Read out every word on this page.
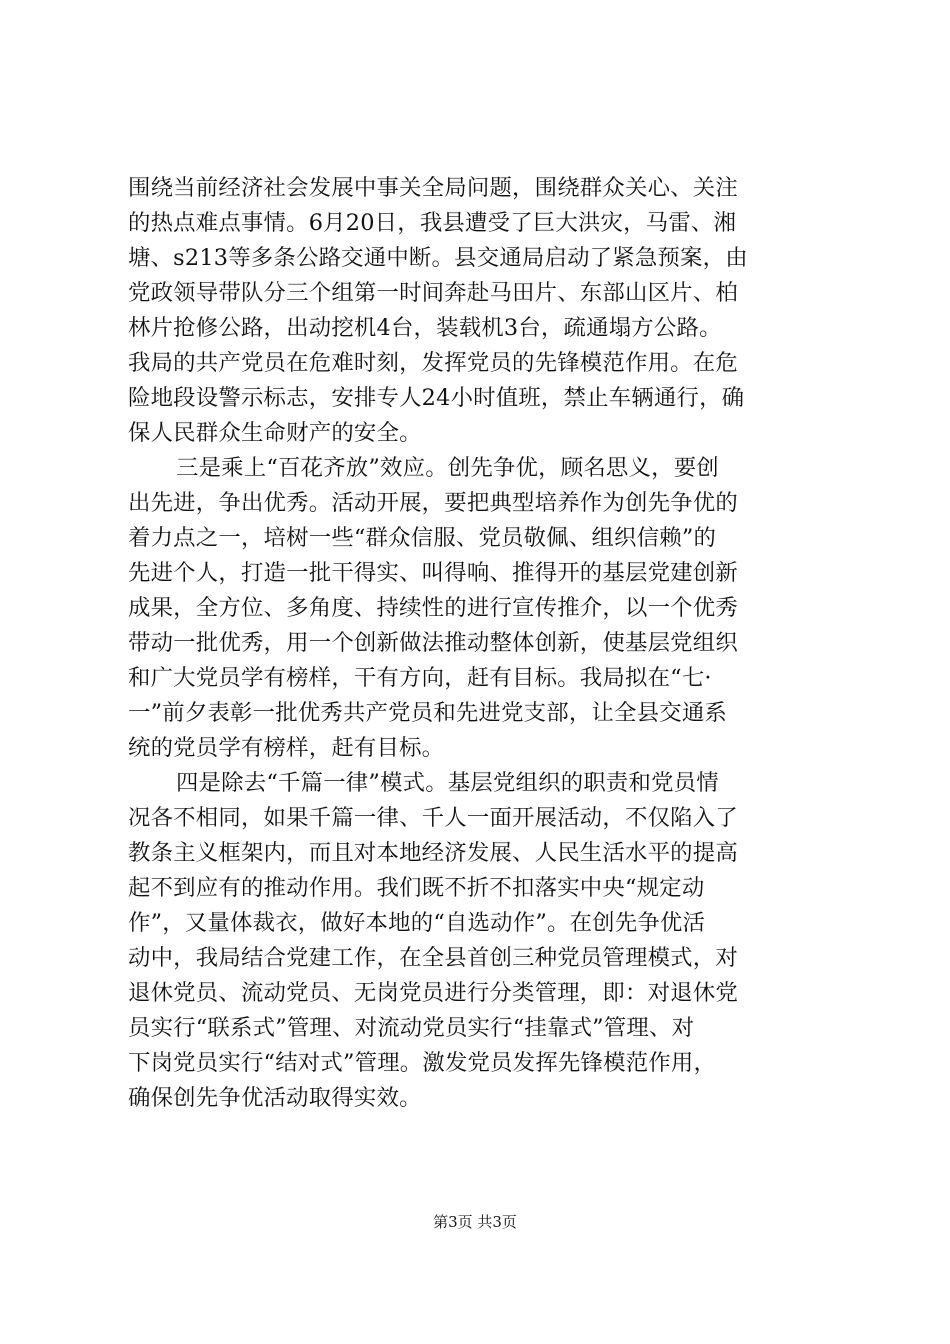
围绕当前经济社会发展中事关全局问题，围绕群众关心、关注
的热点难点事情。6月20日，我县遭受了巨大洪灾，马雷、湘
塘、s213等多条公路交通中断。县交通局启动了紧急预案，由
党政领导带队分三个组第一时间奔赴马田片、东部山区片、柏
林片抢修公路，出动挖机4台，装载机3台，疏通塌方公路。
我局的共产党员在危难时刻，发挥党员的先锋模范作用。在危
险地段设警示标志，安排专人24小时值班，禁止车辆通行，确
保人民群众生命财产的安全。
三是乘上“百花齐放”效应。创先争优，顾名思义，要创
出先进，争出优秀。活动开展，要把典型培养作为创先争优的
着力点之一，培树一些“群众信服、党员敬佩、组织信赖”的
先进个人，打造一批干得实、叫得响、推得开的基层党建创新
成果，全方位、多角度、持续性的进行宣传推介，以一个优秀
带动一批优秀，用一个创新做法推动整体创新，使基层党组织
和广大党员学有榜样，干有方向，赶有目标。我局拟在“七·
一”前夕表彰一批优秀共产党员和先进党支部，让全县交通系
统的党员学有榜样，赶有目标。
四是除去“千篇一律”模式。基层党组织的职责和党员情
况各不相同，如果千篇一律、千人一面开展活动，不仅陷入了
教条主义框架内，而且对本地经济发展、人民生活水平的提高
起不到应有的推动作用。我们既不折不扣落实中央“规定动
作”，又量体裁衣，做好本地的“自选动作”。在创先争优活
动中，我局结合党建工作，在全县首创三种党员管理模式，对
退休党员、流动党员、无岗党员进行分类管理，即：对退休党
员实行“联系式”管理、对流动党员实行“挂靠式”管理、对
下岗党员实行“结对式”管理。激发党员发挥先锋模范作用，
确保创先争优活动取得实效。
第3页 共3页
